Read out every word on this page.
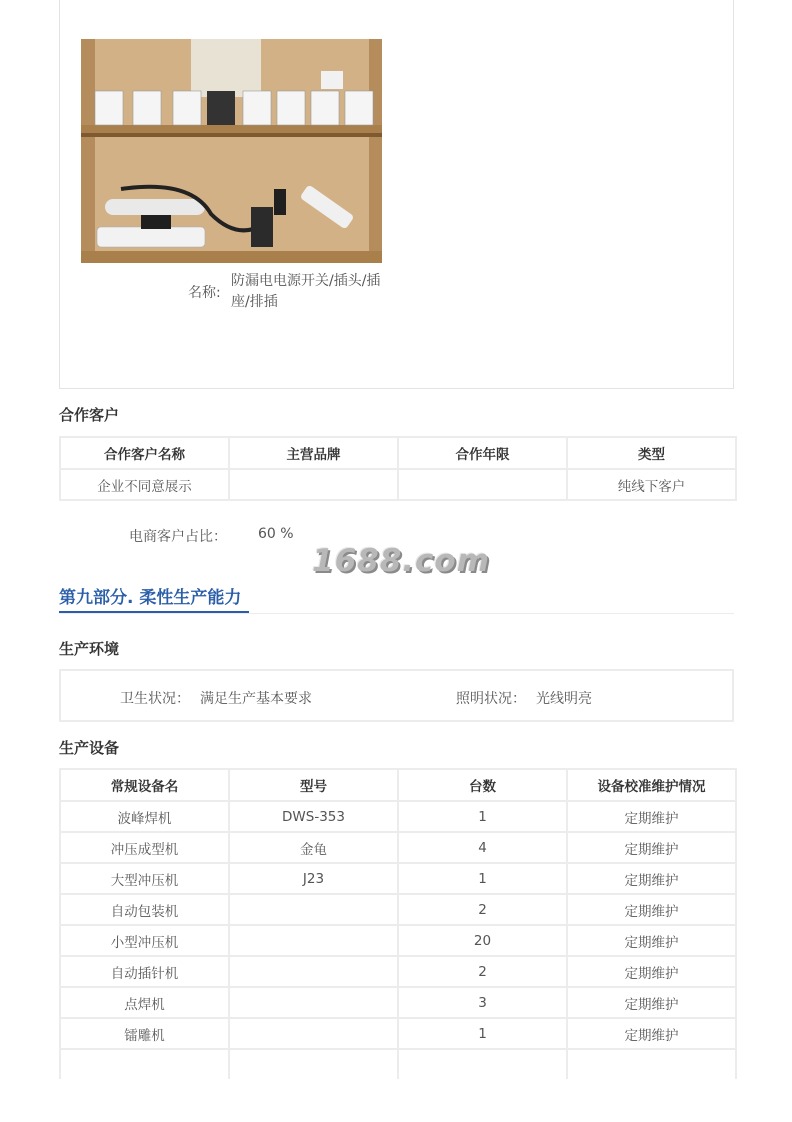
名称:
防漏电电源开关/插头/插座/排插
合作客户
合作客户名称	主营品牌	合作年限	类型
企业不同意展示			纯线下客户
电商客户占比： 60 %
1688.com
第九部分. 柔性生产能力
生产环境
卫生状况： 满足生产基本要求	照明状况： 光线明亮
生产设备
常规设备名	型号	台数	设备校准维护情况
波峰焊机	DWS-353	1	定期维护
冲压成型机	金龟	4	定期维护
大型冲压机	J23	1	定期维护
自动包装机		2	定期维护
小型冲压机		20	定期维护
自动插针机		2	定期维护
点焊机		3	定期维护
镭雕机		1	定期维护
